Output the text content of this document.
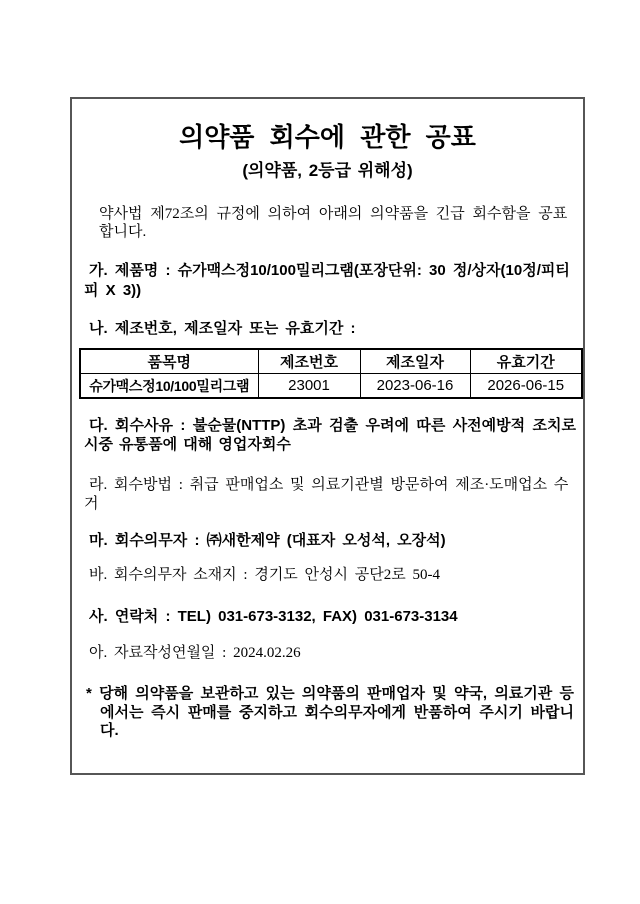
의약품 회수에 관한 공표
(의약품, 2등급 위해성)

약사법 제72조의 규정에 의하여 아래의 의약품을 긴급 회수함을 공표합니다.

가. 제품명 : 슈가맥스정10/100밀리그램(포장단위: 30 정/상자(10정/피티피 X 3))

나. 제조번호, 제조일자 또는 유효기간 :

품목명	제조번호	제조일자	유효기간
슈가맥스정10/100밀리그램	23001	2023-06-16	2026-06-15

다. 회수사유 : 불순물(NTTP) 초과 검출 우려에 따른 사전예방적 조치로 시중 유통품에 대해 영업자회수

라. 회수방법 : 취급 판매업소 및 의료기관별 방문하여 제조·도매업소 수거

마. 회수의무자 : ㈜새한제약 (대표자 오성석, 오장석)

바. 회수의무자 소재지 : 경기도 안성시 공단2로 50-4

사. 연락처 : TEL) 031-673-3132, FAX) 031-673-3134

아. 자료작성연월일 : 2024.02.26

* 당해 의약품을 보관하고 있는 의약품의 판매업자 및 약국, 의료기관 등에서는 즉시 판매를 중지하고 회수의무자에게 반품하여 주시기 바랍니다.
